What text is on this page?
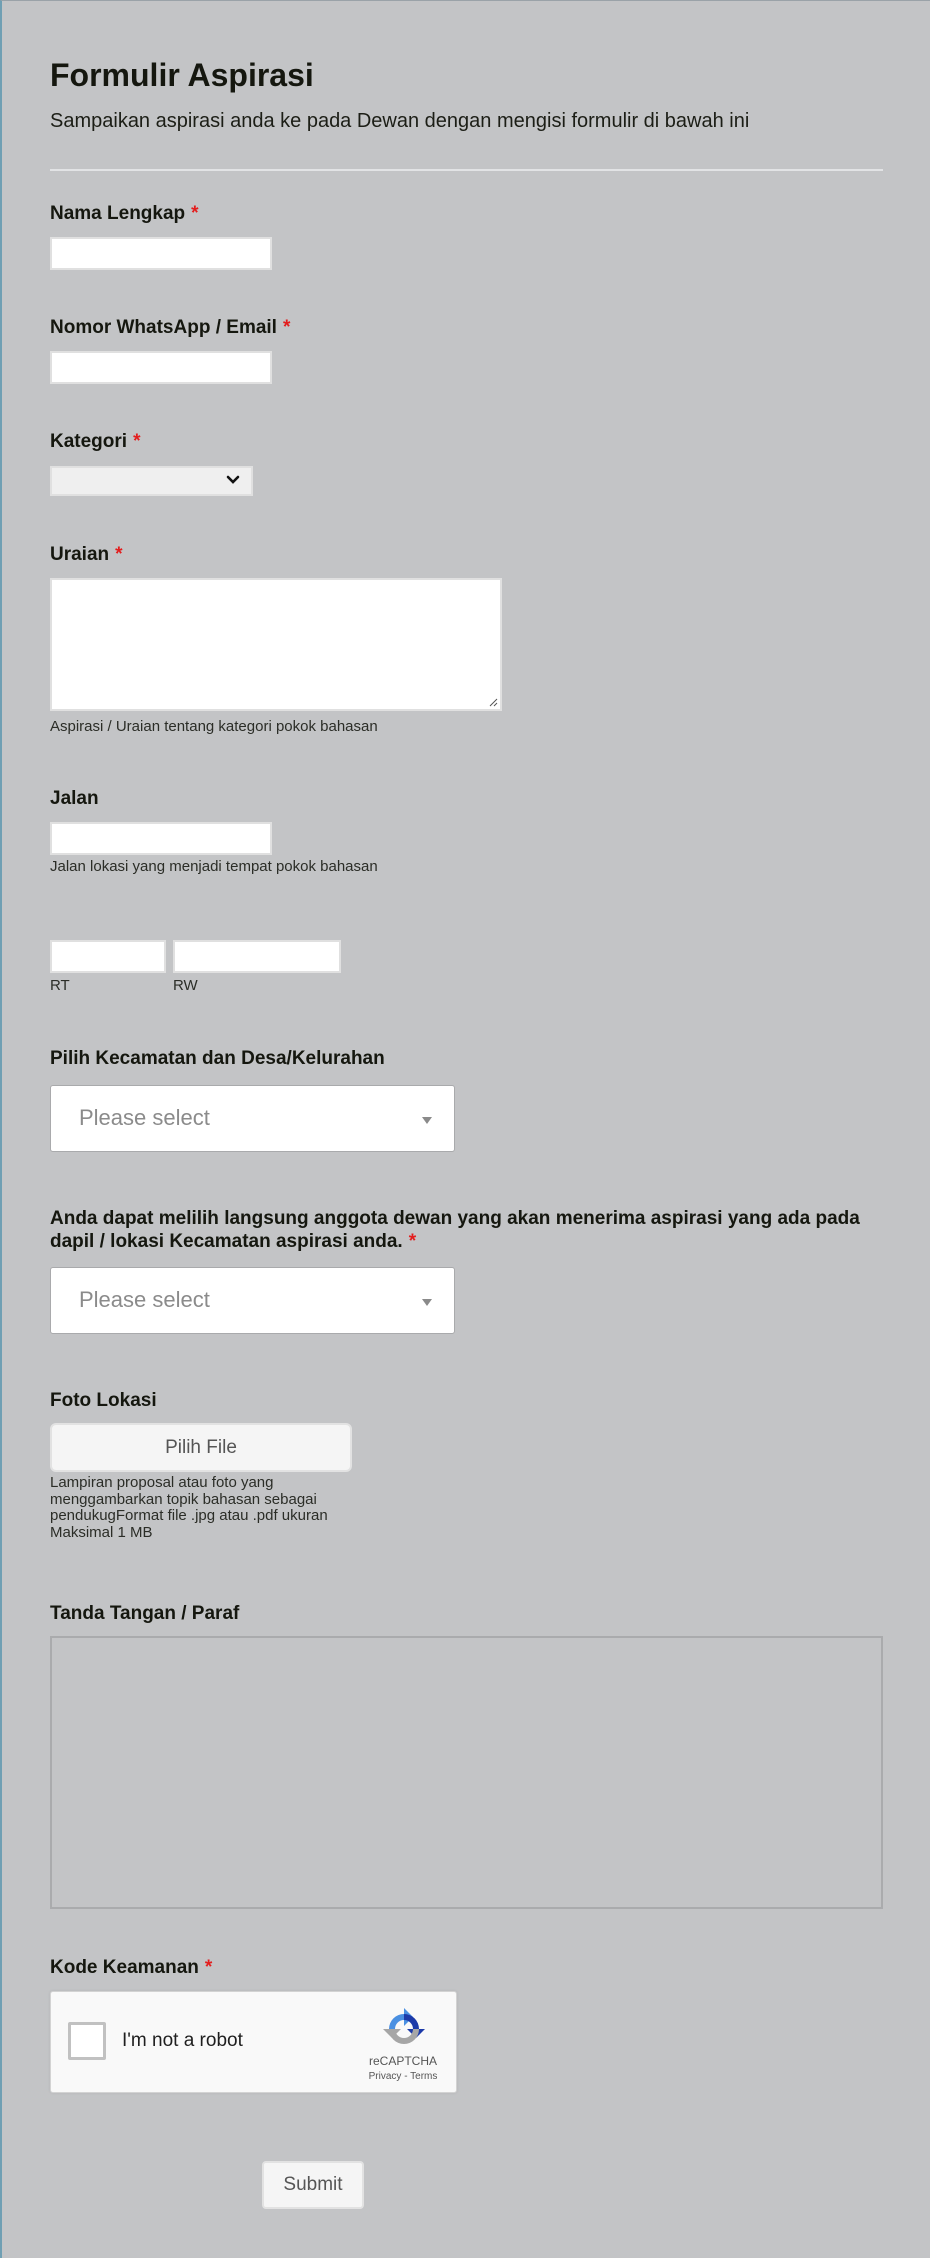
Formulir Aspirasi

Sampaikan aspirasi anda ke pada Dewan dengan mengisi formulir di bawah ini

Nama Lengkap *
Nomor WhatsApp / Email *
Kategori *
Uraian *

Aspirasi / Uraian tentang kategori pokok bahasan

Jalan

Jalan lokasi yang menjadi tempat pokok bahasan

RT	RW

Pilih Kecamatan dan Desa/Kelurahan
Please select
Anda dapat melilih langsung anggota dewan yang akan menerima aspirasi yang ada pada
dapil / lokasi Kecamatan aspirasi anda. *
Please select
Foto Lokasi
Pilih File

Lampiran proposal atau foto yang menggambarkan topik bahasan sebagai pendukugFormat file .jpg atau .pdf ukuran Maksimal 1 MB

Tanda Tangan / Paraf
Kode Keamanan *
I'm not a robot
reCAPTCHA
Privacy - Terms
Submit
